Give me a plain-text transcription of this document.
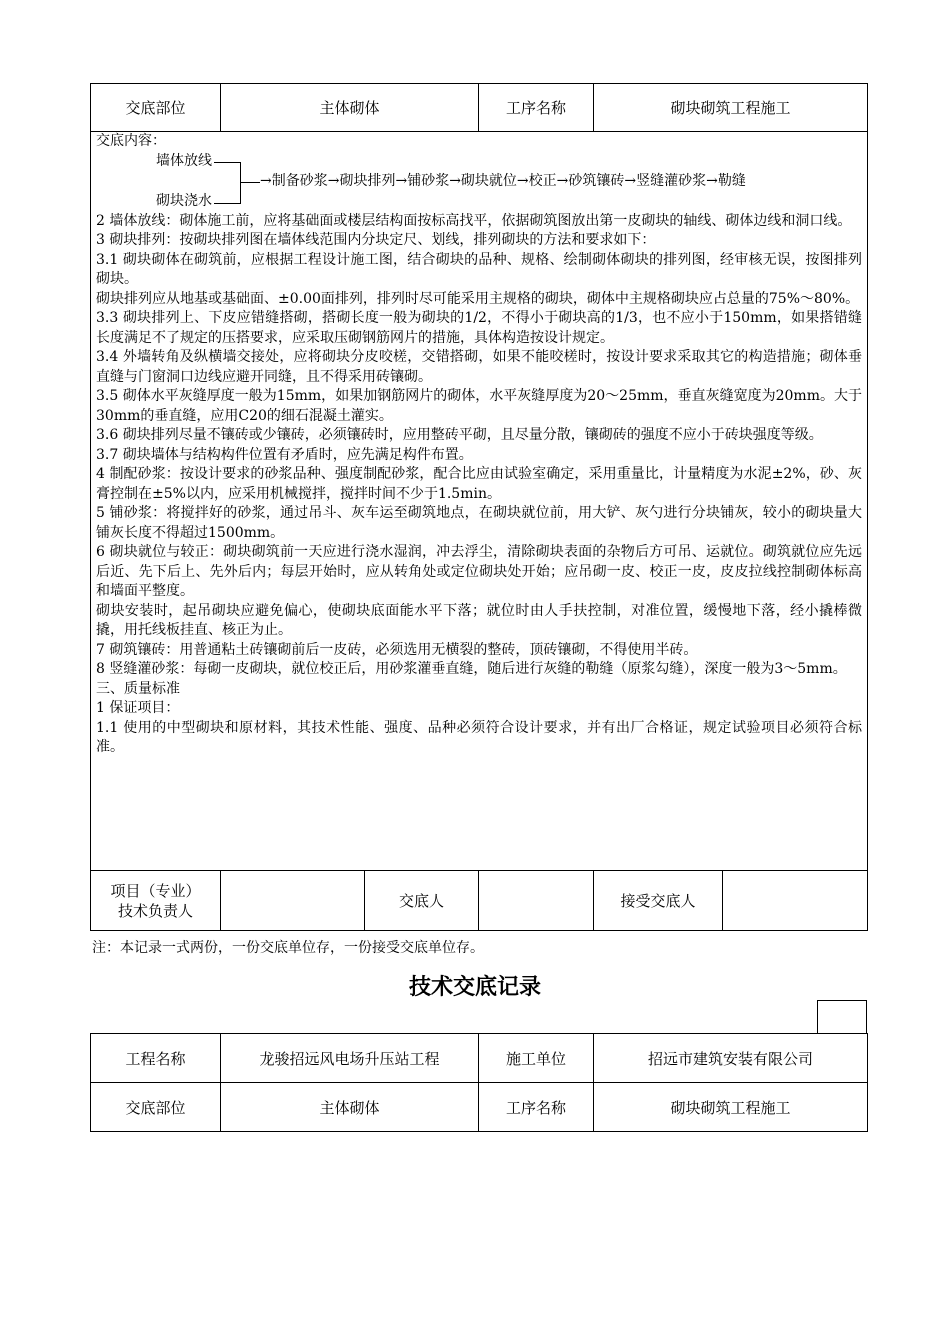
交底部位	主体砌体	工序名称	砌块砌筑工程施工

交底内容：

墙体放线
砌块浇水
→制备砂浆→砌块排列→铺砂浆→砌块就位→校正→砂筑镶砖→竖缝灌砂浆→勒缝

2 墙体放线：砌体施工前，应将基础面或楼层结构面按标高找平，依据砌筑图放出第一皮砌块的轴线、砌体边线和洞口线。

3 砌块排列：按砌块排列图在墙体线范围内分块定尺、划线，排列砌块的方法和要求如下：

3.1 砌块砌体在砌筑前，应根据工程设计施工图，结合砌块的品种、规格、绘制砌体砌块的排列图，经审核无误，按图排列砌块。

砌块排列应从地基或基础面、±0.00面排列，排列时尽可能采用主规格的砌块，砌体中主规格砌块应占总量的75%～80%。

3.3 砌块排列上、下皮应错缝搭砌，搭砌长度一般为砌块的1/2，不得小于砌块高的1/3，也不应小于150mm，如果搭错缝长度满足不了规定的压搭要求，应采取压砌钢筋网片的措施，具体构造按设计规定。

3.4 外墙转角及纵横墙交接处，应将砌块分皮咬槎，交错搭砌，如果不能咬槎时，按设计要求采取其它的构造措施；砌体垂直缝与门窗洞口边线应避开同缝，且不得采用砖镶砌。

3.5 砌体水平灰缝厚度一般为15mm，如果加钢筋网片的砌体，水平灰缝厚度为20～25mm，垂直灰缝宽度为20mm。大于30mm的垂直缝，应用C20的细石混凝土灌实。

3.6 砌块排列尽量不镶砖或少镶砖，必须镶砖时，应用整砖平砌，且尽量分散，镶砌砖的强度不应小于砖块强度等级。

3.7 砌块墙体与结构构件位置有矛盾时，应先满足构件布置。

4 制配砂浆：按设计要求的砂浆品种、强度制配砂浆，配合比应由试验室确定，采用重量比，计量精度为水泥±2%，砂、灰膏控制在±5%以内，应采用机械搅拌，搅拌时间不少于1.5min。

5 铺砂浆：将搅拌好的砂浆，通过吊斗、灰车运至砌筑地点，在砌块就位前，用大铲、灰勺进行分块铺灰，较小的砌块量大铺灰长度不得超过1500mm。

6 砌块就位与较正：砌块砌筑前一天应进行浇水湿润，冲去浮尘，清除砌块表面的杂物后方可吊、运就位。砌筑就位应先远后近、先下后上、先外后内；每层开始时，应从转角处或定位砌块处开始；应吊砌一皮、校正一皮，皮皮拉线控制砌体标高和墙面平整度。

砌块安装时，起吊砌块应避免偏心，使砌块底面能水平下落；就位时由人手扶控制，对准位置，缓慢地下落，经小撬棒微撬，用托线板挂直、核正为止。

7 砌筑镶砖：用普通粘土砖镶砌前后一皮砖，必须选用无横裂的整砖，顶砖镶砌，不得使用半砖。

8 竖缝灌砂浆：每砌一皮砌块，就位校正后，用砂浆灌垂直缝，随后进行灰缝的勒缝（原浆勾缝），深度一般为3～5mm。

三、质量标准

1 保证项目：

1.1 使用的中型砌块和原材料，其技术性能、强度、品种必须符合设计要求，并有出厂合格证，规定试验项目必须符合标准。

项目（专业）
技术负责人		交底人		接受交底人	
注：本记录一式两份，一份交底单位存，一份接受交底单位存。
技术交底记录
工程名称	龙骏招远风电场升压站工程	施工单位	招远市建筑安装有限公司
交底部位	主体砌体	工序名称	砌块砌筑工程施工
